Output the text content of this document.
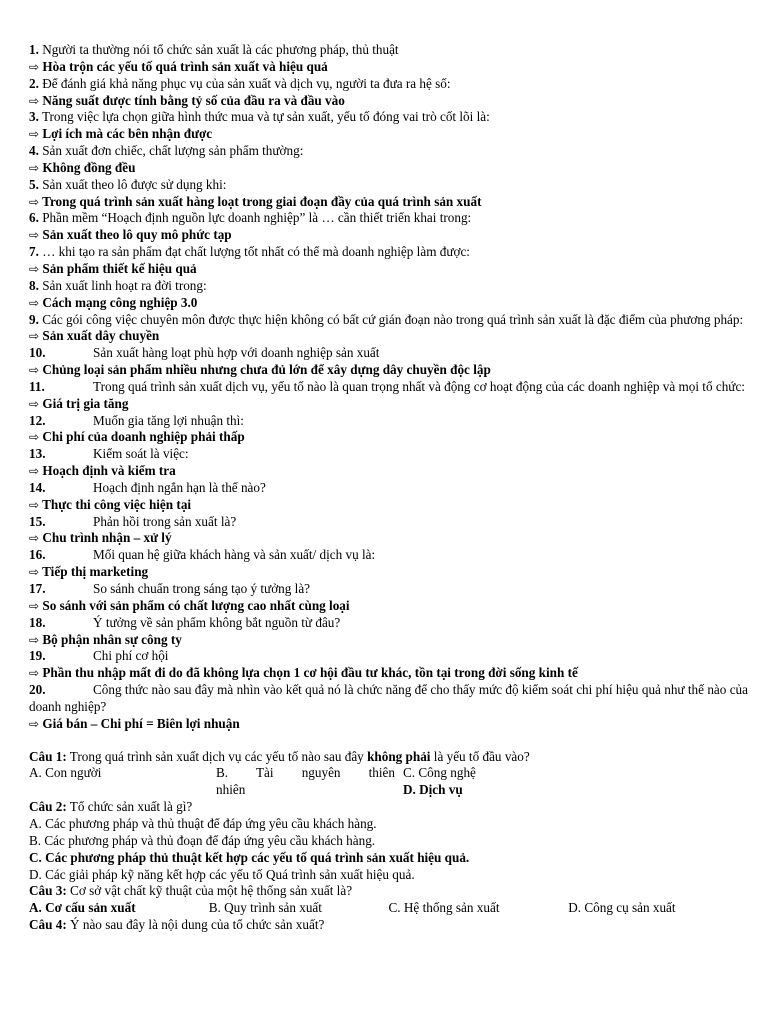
1. Người ta thường nói tổ chức sản xuất là các phương pháp, thủ thuật
⇨ Hòa trộn các yếu tố quá trình sản xuất và hiệu quả
2. Để đánh giá khả năng phục vụ của sản xuất và dịch vụ, người ta đưa ra hệ số:
⇨ Năng suất được tính bằng tỷ số của đầu ra và đầu vào
3. Trong việc lựa chọn giữa hình thức mua và tự sản xuất, yếu tố đóng vai trò cốt lõi là:
⇨ Lợi ích mà các bên nhận được
4. Sản xuất đơn chiếc, chất lượng sản phẩm thường:
⇨ Không đồng đều
5. Sản xuất theo lô được sử dụng khi:
⇨ Trong quá trình sản xuất hàng loạt trong giai đoạn đầy của quá trình sản xuất
6. Phần mềm “Hoạch định nguồn lực doanh nghiệp” là … cần thiết triển khai trong:
⇨ Sản xuất theo lô quy mô phức tạp
7. … khi tạo ra sản phẩm đạt chất lượng tốt nhất có thể mà doanh nghiệp làm được:
⇨ Sản phẩm thiết kế hiệu quả
8. Sản xuất linh hoạt ra đời trong:
⇨ Cách mạng công nghiệp 3.0
9. Các gói công việc chuyên môn được thực hiện không có bất cứ gián đoạn nào trong quá trình sản xuất là đặc điểm của phương pháp:
⇨ Sản xuất dây chuyền
10.	Sản xuất hàng loạt phù hợp với doanh nghiệp sản xuất
⇨ Chủng loại sản phẩm nhiều nhưng chưa đủ lớn để xây dựng dây chuyền độc lập
11.	Trong quá trình sản xuất dịch vụ, yếu tố nào là quan trọng nhất và động cơ hoạt động của các doanh nghiệp và mọi tổ chức:
⇨ Giá trị gia tăng
12.	Muốn gia tăng lợi nhuận thì:
⇨ Chi phí của doanh nghiệp phải thấp
13.	Kiểm soát là việc:
⇨ Hoạch định và kiểm tra
14.	Hoạch định ngắn hạn là thế nào?
⇨ Thực thi công việc hiện tại
15.	Phản hồi trong sản xuất là?
⇨ Chu trình nhận – xử lý
16.	Mối quan hệ giữa khách hàng và sản xuất/ dịch vụ là:
⇨ Tiếp thị marketing
17.	So sánh chuẩn trong sáng tạo ý tưởng là?
⇨ So sánh với sản phẩm có chất lượng cao nhất cùng loại
18.	Ý tưởng về sản phẩm không bắt nguồn từ đâu?
⇨ Bộ phận nhân sự công ty
19.	Chi phí cơ hội
⇨ Phần thu nhập mất đi do đã không lựa chọn 1 cơ hội đầu tư khác, tồn tại trong đời sống kinh tế
20.	Công thức nào sau đây mà nhìn vào kết quả nó là chức năng để cho thấy mức độ kiểm soát chi phí hiệu quả như thế nào của doanh nghiệp?
⇨ Giá bán – Chi phí = Biên lợi nhuận
Câu 1: Trong quá trình sản xuất dịch vụ các yếu tố nào sau đây không phải là yếu tố đầu vào?
A. Con người	B. Tài nguyên thiên C. Công nghệ
nhiên	D. Dịch vụ
Câu 2: Tổ chức sản xuất là gì?
A. Các phương pháp và thủ thuật để đáp ứng yêu cầu khách hàng.
B. Các phương pháp và thủ đoạn để đáp ứng yêu cầu khách hàng.
C. Các phương pháp thủ thuật kết hợp các yếu tố quá trình sản xuất hiệu quả.
D. Các giải pháp kỹ năng kết hợp các yếu tố Quá trình sản xuất hiệu quả.
Câu 3: Cơ sở vật chất kỹ thuật của một hệ thống sản xuất là?
A. Cơ cấu sản xuất	B. Quy trình sản xuất	C. Hệ thống sản xuất	D. Công cụ sản xuất
Câu 4: Ý nào sau đây là nội dung của tổ chức sản xuất?
